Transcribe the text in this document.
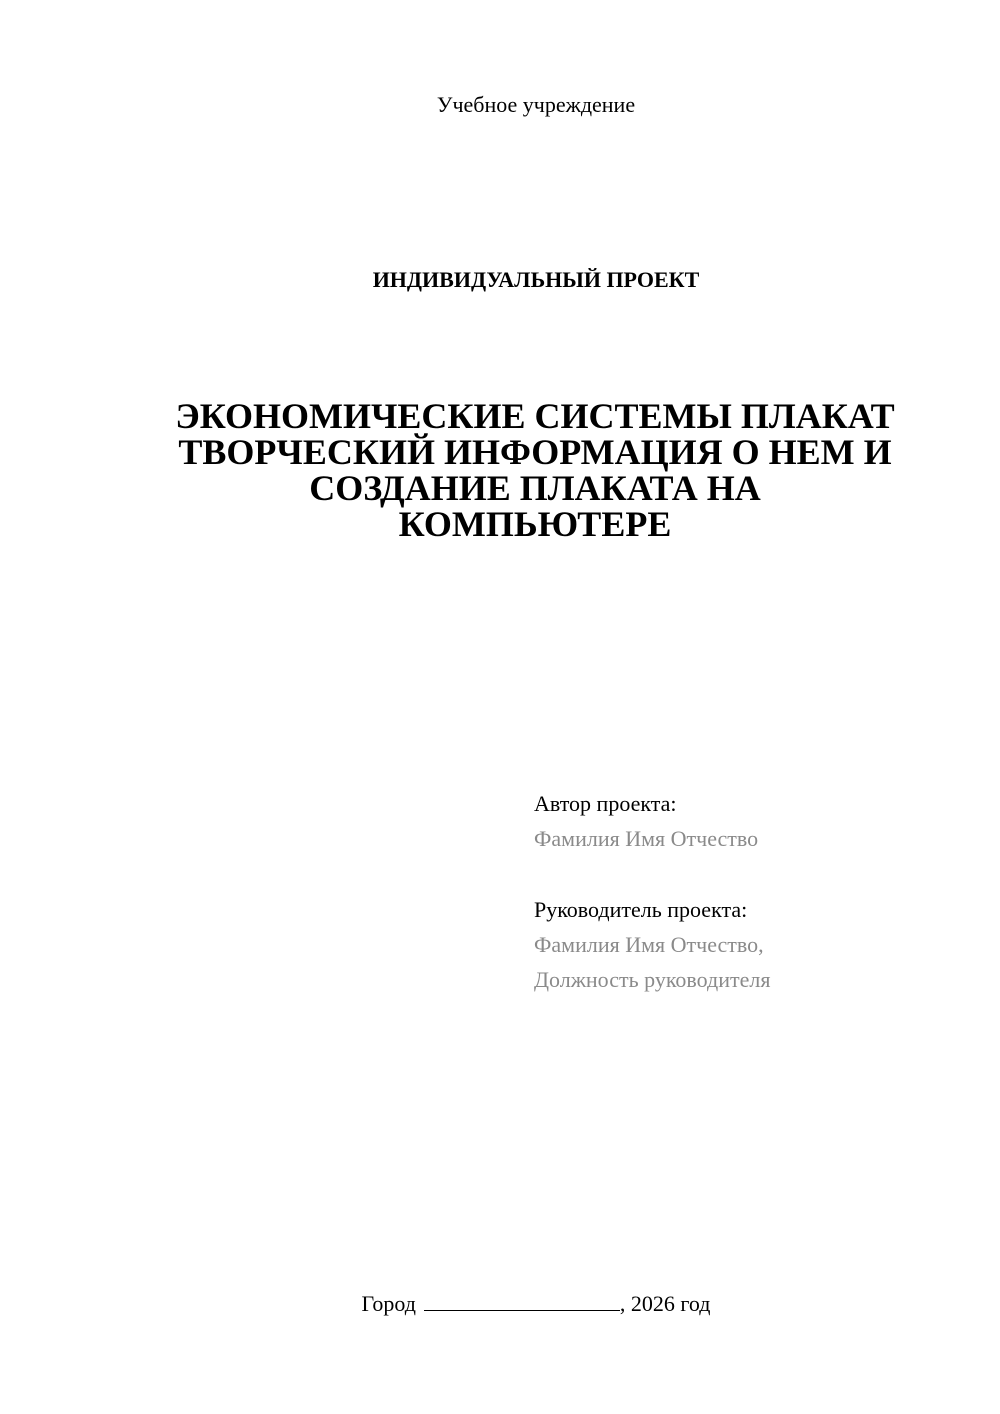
Учебное учреждение
ИНДИВИДУАЛЬНЫЙ ПРОЕКТ
ЭКОНОМИЧЕСКИЕ СИСТЕМЫ ПЛАКАТ
ТВОРЧЕСКИЙ ИНФОРМАЦИЯ О НЕМ И
СОЗДАНИЕ ПЛАКАТА НА
КОМПЬЮТЕРЕ
Автор проекта:
Фамилия Имя Отчество
Руководитель проекта:
Фамилия Имя Отчество,
Должность руководителя
Город	, 2026 год
